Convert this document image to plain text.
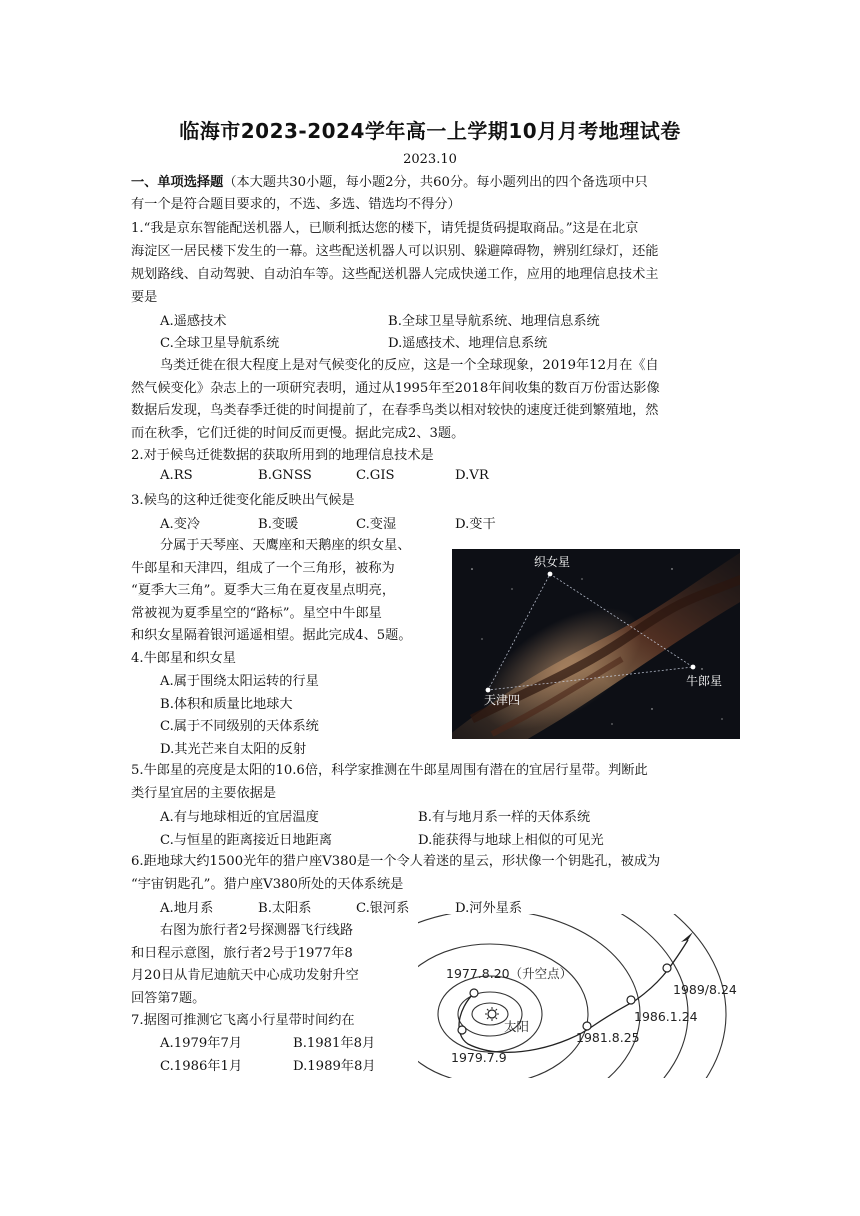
临海市2023-2024学年高一上学期10月月考地理试卷
2023.10
一、单项选择题（本大题共30小题，每小题2分，共60分。每小题列出的四个备选项中只
有一个是符合题目要求的，不选、多选、错选均不得分）
1.“我是京东智能配送机器人，已顺利抵达您的楼下，请凭提货码提取商品。”这是在北京
海淀区一居民楼下发生的一幕。这些配送机器人可以识别、躲避障碍物，辨别红绿灯，还能
规划路线、自动驾驶、自动泊车等。这些配送机器人完成快递工作，应用的地理信息技术主
要是
A.遥感技术	B.全球卫星导航系统、地理信息系统
C.全球卫星导航系统	D.遥感技术、地理信息系统
鸟类迁徙在很大程度上是对气候变化的反应，这是一个全球现象，2019年12月在《自
然气候变化》杂志上的一项研究表明，通过从1995年至2018年间收集的数百万份雷达影像
数据后发现，鸟类春季迁徙的时间提前了，在春季鸟类以相对较快的速度迁徙到繁殖地，然
而在秋季，它们迁徙的时间反而更慢。据此完成2、3题。
2.对于候鸟迁徙数据的获取所用到的地理信息技术是
A.RS	B.GNSS	C.GIS	D.VR
3.候鸟的这种迁徙变化能反映出气候是
A.变冷	B.变暖	C.变湿	D.变干
分属于天琴座、天鹰座和天鹅座的织女星、
牛郎星和天津四，组成了一个三角形，被称为
“夏季大三角”。夏季大三角在夏夜星点明亮，
常被视为夏季星空的“路标”。星空中牛郎星
和织女星隔着银河遥遥相望。据此完成4、5题。
织女星
牛郎星
天津四
4.牛郎星和织女星
A.属于围绕太阳运转的行星
B.体积和质量比地球大
C.属于不同级别的天体系统
D.其光芒来自太阳的反射
5.牛郎星的亮度是太阳的10.6倍，科学家推测在牛郎星周围有潜在的宜居行星带。判断此
类行星宜居的主要依据是
A.有与地球相近的宜居温度	B.有与地月系一样的天体系统
C.与恒星的距离接近日地距离	D.能获得与地球上相似的可见光
6.距地球大约1500光年的猎户座V380是一个令人着迷的星云，形状像一个钥匙孔，被成为
“宇宙钥匙孔”。猎户座V380所处的天体系统是
A.地月系	B.太阳系	C.银河系	D.河外星系
右图为旅行者2号探测器飞行线路
和日程示意图，旅行者2号于1977年8
月20日从肯尼迪航天中心成功发射升空
回答第7题。
7.据图可推测它飞离小行星带时间约在
A.1979年7月	B.1981年8月
C.1986年1月	D.1989年8月
1977.8.20（升空点）
太阳
1979.7.9
1981.8.25
1986.1.24
1989/8.24
